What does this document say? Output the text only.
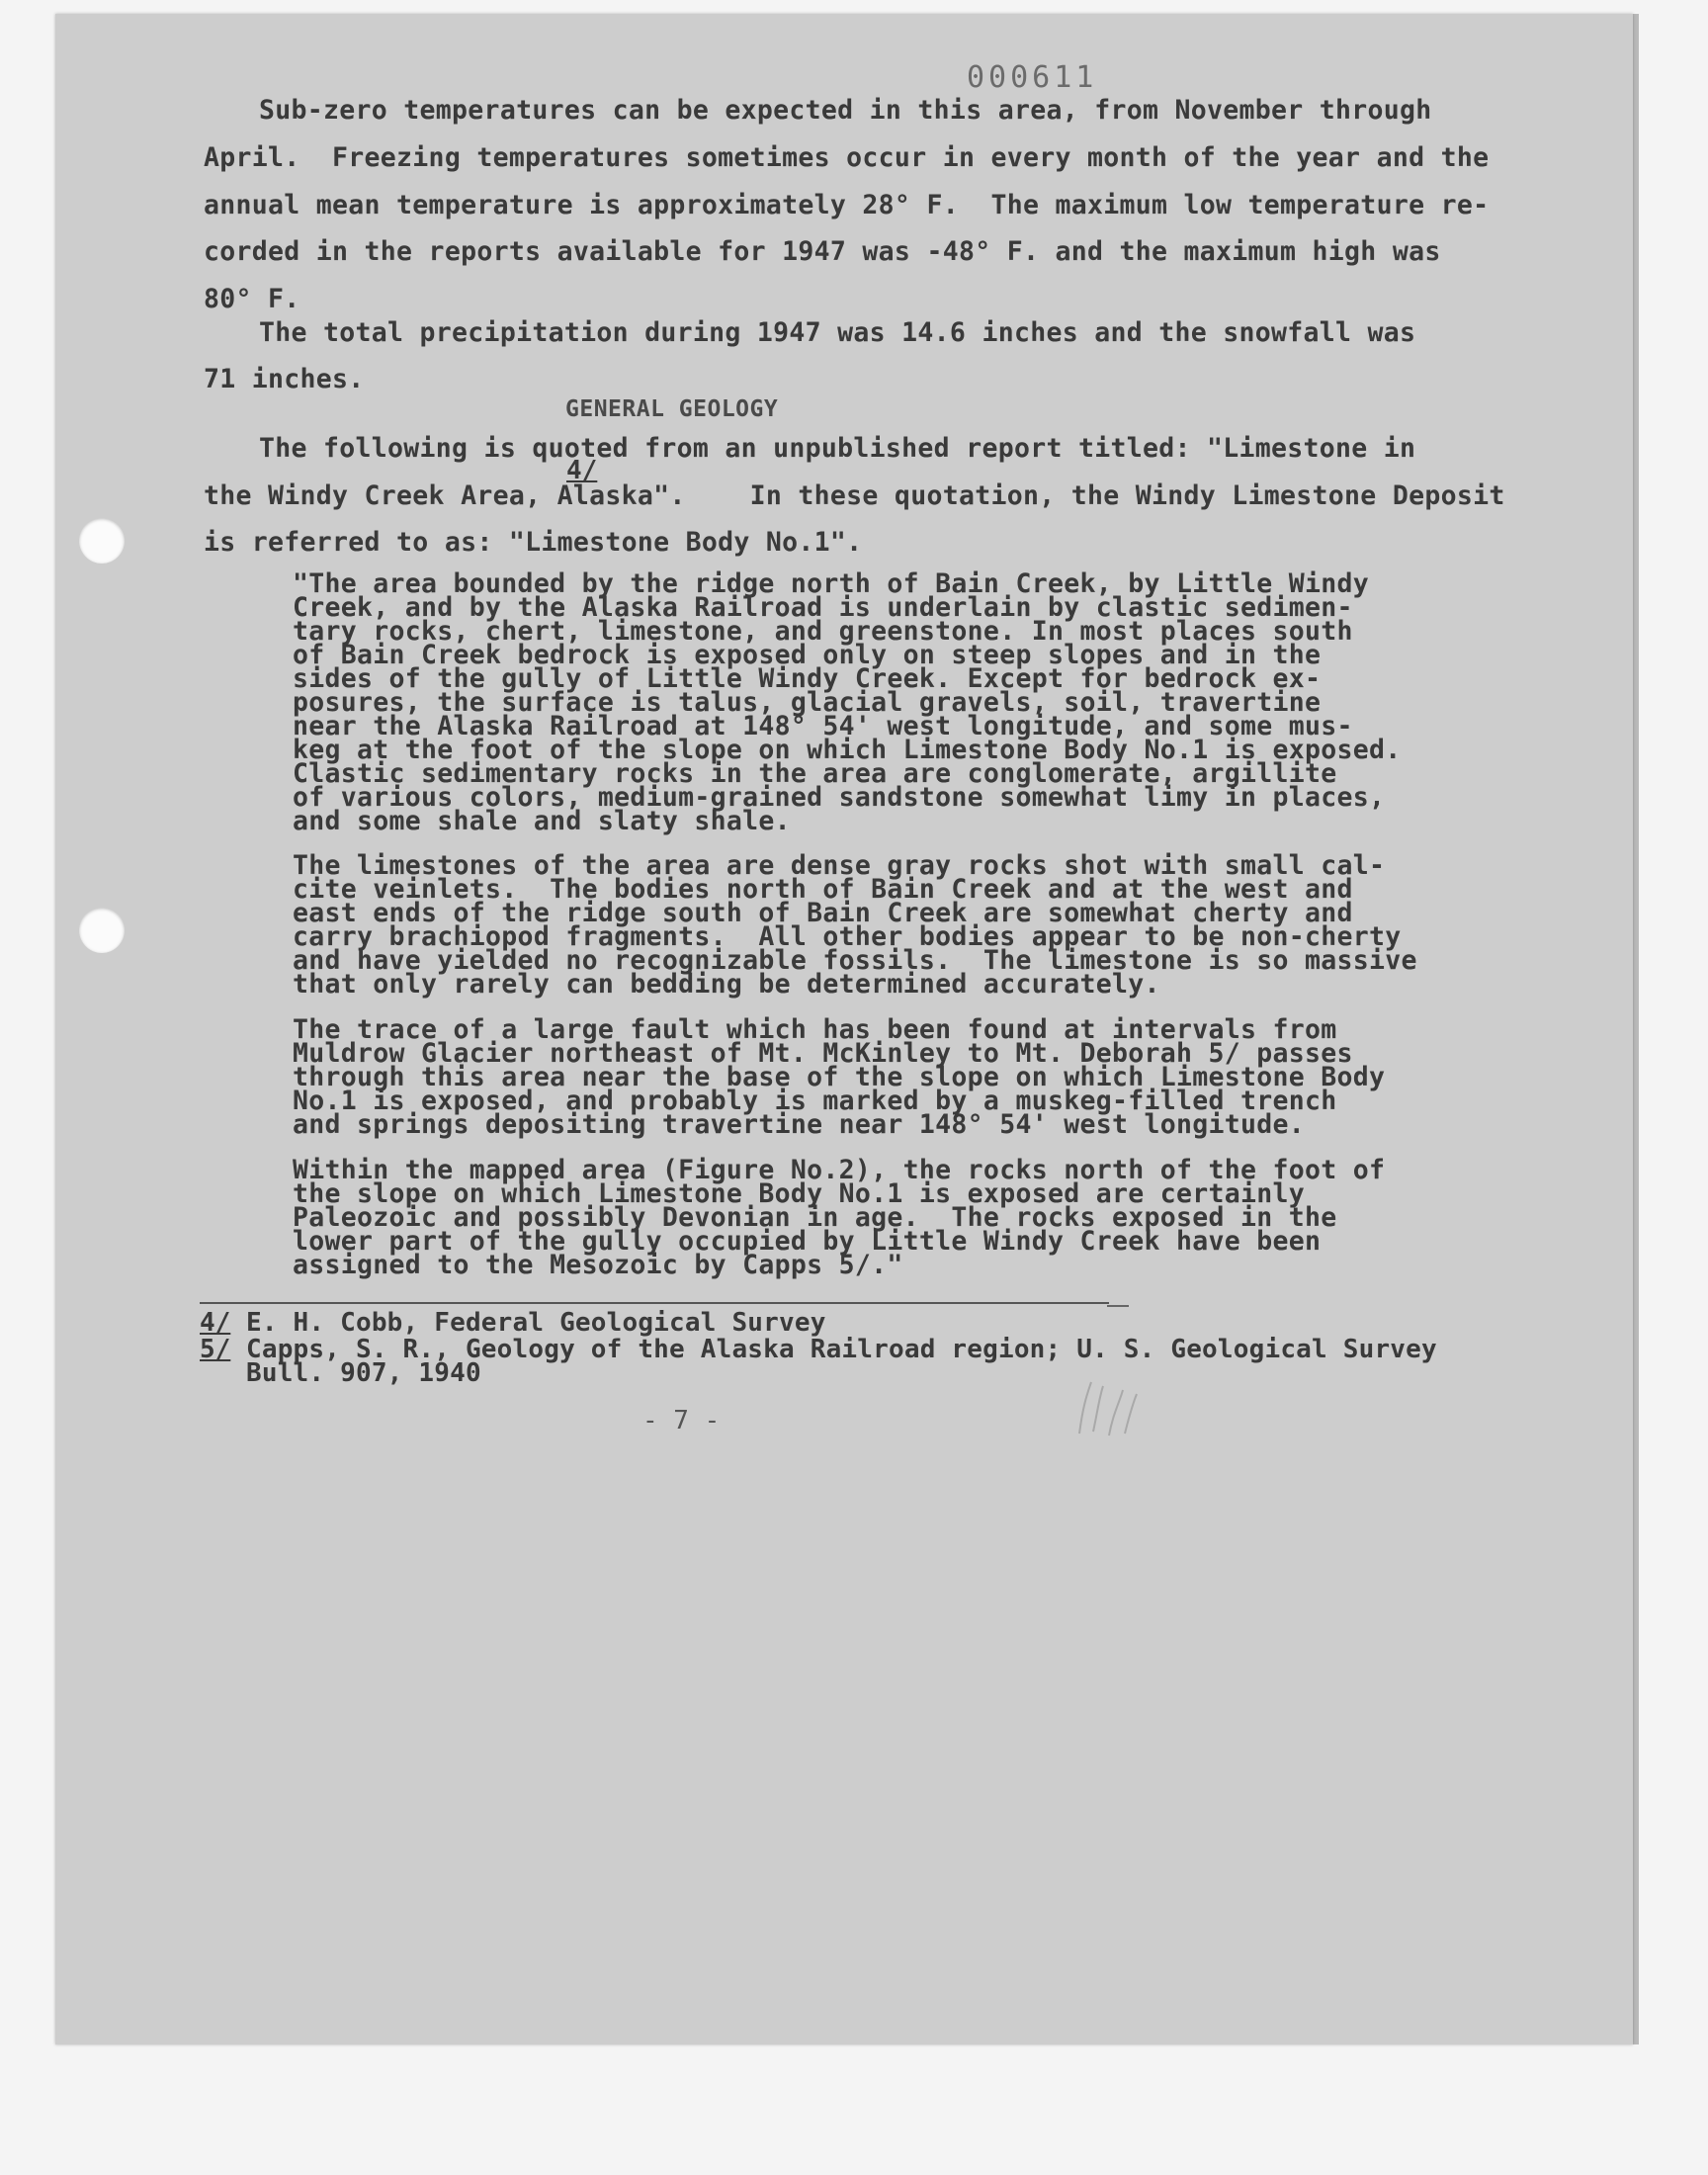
000611
Sub-zero temperatures can be expected in this area, from November through
April.  Freezing temperatures sometimes occur in every month of the year and the
annual mean temperature is approximately 28° F.  The maximum low temperature re-
corded in the reports available for 1947 was -48° F. and the maximum high was
80° F.
The total precipitation during 1947 was 14.6 inches and the snowfall was
71 inches.
GENERAL GEOLOGY
The following is quoted from an unpublished report titled: "Limestone in
4/
the Windy Creek Area, Alaska".    In these quotation, the Windy Limestone Deposit
is referred to as: "Limestone Body No.1".
"The area bounded by the ridge north of Bain Creek, by Little Windy
Creek, and by the Alaska Railroad is underlain by clastic sedimen-
tary rocks, chert, limestone, and greenstone. In most places south
of Bain Creek bedrock is exposed only on steep slopes and in the
sides of the gully of Little Windy Creek. Except for bedrock ex-
posures, the surface is talus, glacial gravels, soil, travertine
near the Alaska Railroad at 148° 54' west longitude, and some mus-
keg at the foot of the slope on which Limestone Body No.1 is exposed.
Clastic sedimentary rocks in the area are conglomerate, argillite
of various colors, medium-grained sandstone somewhat limy in places,
and some shale and slaty shale.
The limestones of the area are dense gray rocks shot with small cal-
cite veinlets.  The bodies north of Bain Creek and at the west and
east ends of the ridge south of Bain Creek are somewhat cherty and
carry brachiopod fragments.  All other bodies appear to be non-cherty
and have yielded no recognizable fossils.  The limestone is so massive
that only rarely can bedding be determined accurately.
The trace of a large fault which has been found at intervals from
Muldrow Glacier northeast of Mt. McKinley to Mt. Deborah 5/ passes
through this area near the base of the slope on which Limestone Body
No.1 is exposed, and probably is marked by a muskeg-filled trench
and springs depositing travertine near 148° 54' west longitude.
Within the mapped area (Figure No.2), the rocks north of the foot of
the slope on which Limestone Body No.1 is exposed are certainly
Paleozoic and possibly Devonian in age.  The rocks exposed in the
lower part of the gully occupied by Little Windy Creek have been
assigned to the Mesozoic by Capps 5/."
4/ E. H. Cobb, Federal Geological Survey
5/ Capps, S. R., Geology of the Alaska Railroad region; U. S. Geological Survey
Bull. 907, 1940
- 7 -
